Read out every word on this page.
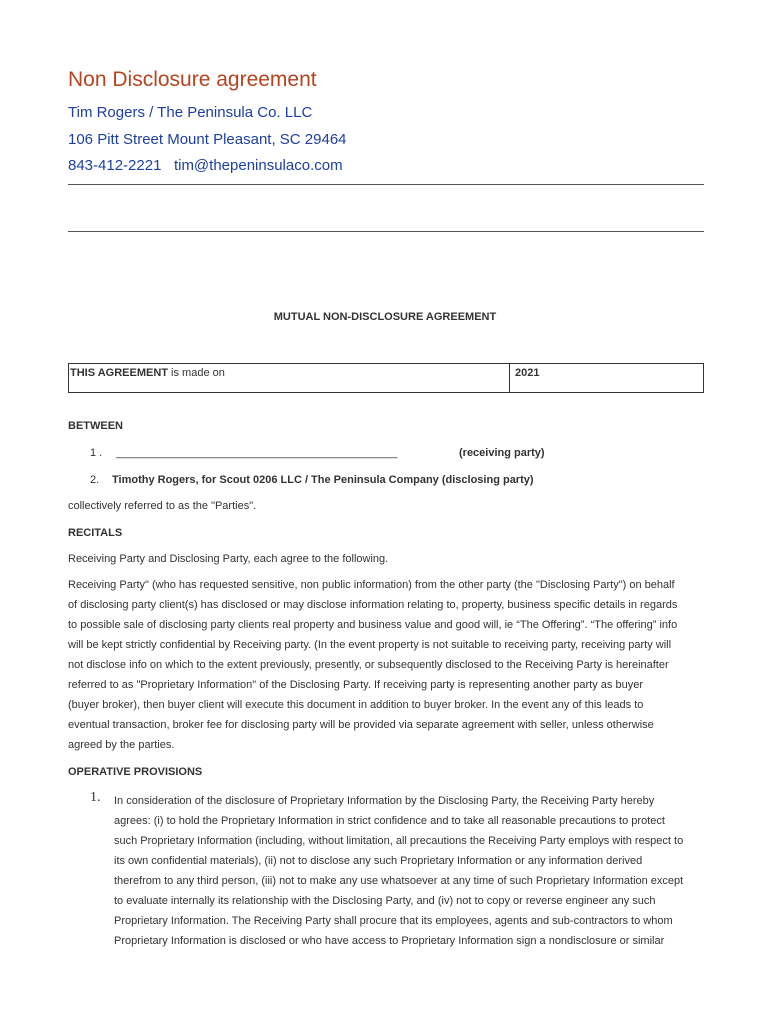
Non Disclosure agreement
Tim Rogers / The Peninsula Co. LLC
106 Pitt Street Mount Pleasant, SC 29464
843-412-2221 tim@thepeninsulaco.com
MUTUAL NON-DISCLOSURE AGREEMENT
THIS AGREEMENT is made on	2021
BETWEEN
1 . ______________________________________________	(receiving party)
2. Timothy Rogers, for Scout 0206 LLC / The Peninsula Company (disclosing party)
collectively referred to as the "Parties".
RECITALS
Receiving Party and Disclosing Party, each agree to the following.
Receiving Party" (who has requested sensitive, non public information) from the other party (the "Disclosing Party") on behalf
of disclosing party client(s) has disclosed or may disclose information relating to, property, business specific details in regards
to possible sale of disclosing party clients real property and business value and good will, ie “The Offering”. “The offering” info
will be kept strictly confidential by Receiving party. (In the event property is not suitable to receiving party, receiving party will
not disclose info on which to the extent previously, presently, or subsequently disclosed to the Receiving Party is hereinafter
referred to as "Proprietary Information" of the Disclosing Party. If receiving party is representing another party as buyer
(buyer broker), then buyer client will execute this document in addition to buyer broker. In the event any of this leads to
eventual transaction, broker fee for disclosing party will be provided via separate agreement with seller, unless otherwise
agreed by the parties.
OPERATIVE PROVISIONS
1. In consideration of the disclosure of Proprietary Information by the Disclosing Party, the Receiving Party hereby
agrees: (i) to hold the Proprietary Information in strict confidence and to take all reasonable precautions to protect
such Proprietary Information (including, without limitation, all precautions the Receiving Party employs with respect to
its own confidential materials), (ii) not to disclose any such Proprietary Information or any information derived
therefrom to any third person, (iii) not to make any use whatsoever at any time of such Proprietary Information except
to evaluate internally its relationship with the Disclosing Party, and (iv) not to copy or reverse engineer any such
Proprietary Information. The Receiving Party shall procure that its employees, agents and sub-contractors to whom
Proprietary Information is disclosed or who have access to Proprietary Information sign a nondisclosure or similar
